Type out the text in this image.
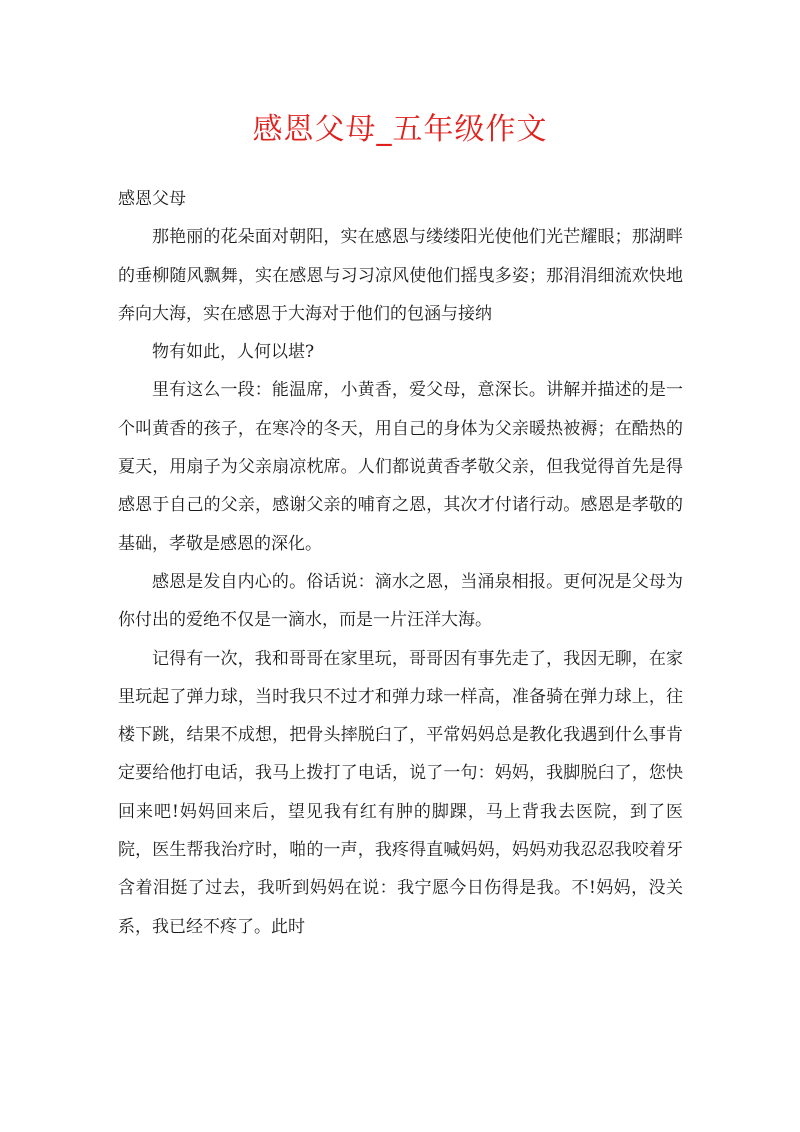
感恩父母_五年级作文

感恩父母

那艳丽的花朵面对朝阳，实在感恩与缕缕阳光使他们光芒耀眼；那湖畔的垂柳随风飘舞，实在感恩与习习凉风使他们摇曳多姿；那涓涓细流欢快地奔向大海，实在感恩于大海对于他们的包涵与接纳

物有如此，人何以堪?

里有这么一段：能温席，小黄香，爱父母，意深长。讲解并描述的是一个叫黄香的孩子，在寒冷的冬天，用自己的身体为父亲暖热被褥；在酷热的夏天，用扇子为父亲扇凉枕席。人们都说黄香孝敬父亲，但我觉得首先是得感恩于自己的父亲，感谢父亲的哺育之恩，其次才付诸行动。感恩是孝敬的基础，孝敬是感恩的深化。

感恩是发自内心的。俗话说：滴水之恩，当涌泉相报。更何况是父母为你付出的爱绝不仅是一滴水，而是一片汪洋大海。

记得有一次，我和哥哥在家里玩，哥哥因有事先走了，我因无聊，在家里玩起了弹力球，当时我只不过才和弹力球一样高，准备骑在弹力球上，往楼下跳，结果不成想，把骨头摔脱臼了，平常妈妈总是教化我遇到什么事肯定要给他打电话，我马上拨打了电话，说了一句：妈妈，我脚脱臼了，您快回来吧!妈妈回来后，望见我有红有肿的脚踝，马上背我去医院，到了医院，医生帮我治疗时，啪的一声，我疼得直喊妈妈，妈妈劝我忍忍我咬着牙含着泪挺了过去，我听到妈妈在说：我宁愿今日伤得是我。不!妈妈，没关系，我已经不疼了。此时
